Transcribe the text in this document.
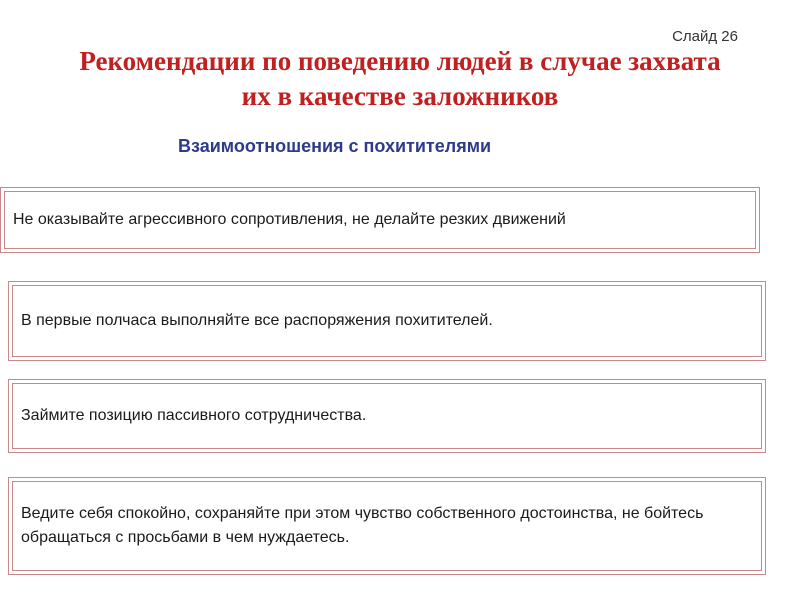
Слайд 26
Рекомендации по поведению людей в случае захвата
их в качестве заложников
Взаимоотношения с похитителями
Не оказывайте агрессивного сопротивления, не делайте резких движений
В первые полчаса выполняйте все распоряжения похитителей.
Займите позицию пассивного сотрудничества.
Ведите себя спокойно, сохраняйте при этом чувство собственного достоинства, не бойтесь обращаться с просьбами в чем нуждаетесь.
